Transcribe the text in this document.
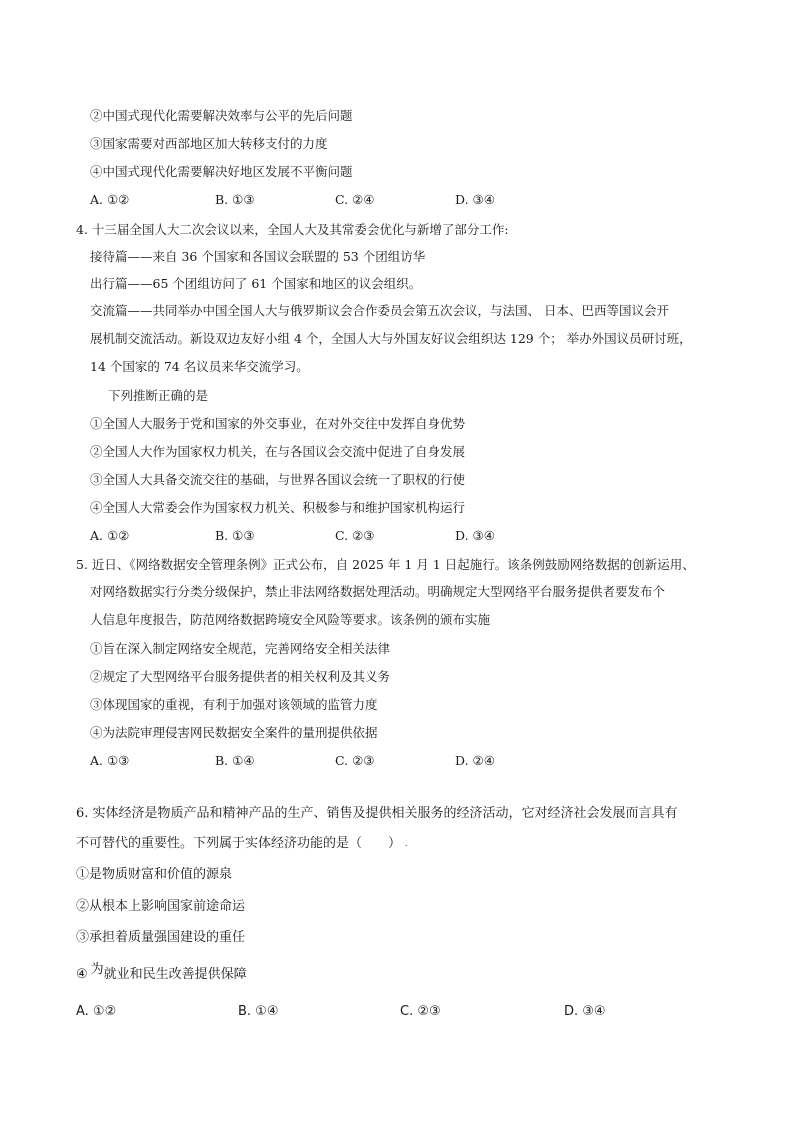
②中国式现代化需要解决效率与公平的先后问题
③国家需要对西部地区加大转移支付的力度
④中国式现代化需要解决好地区发展不平衡问题
A. ①②	B. ①③	C. ②④	D. ③④
4. 十三届全国人大二次会议以来，全国人大及其常委会优化与新增了部分工作:
接待篇——来自 36 个国家和各国议会联盟的 53 个团组访华
出行篇——65 个团组访问了 61 个国家和地区的议会组织。
交流篇——共同举办中国全国人大与俄罗斯议会合作委员会第五次会议，与法国、 日本、巴西等国议会开
展机制交流活动。新设双边友好小组 4 个，全国人大与外国友好议会组织达 129 个； 举办外国议员研讨班，
14 个国家的 74 名议员来华交流学习。
下列推断正确的是
①全国人大服务于党和国家的外交事业，在对外交往中发挥自身优势
②全国人大作为国家权力机关，在与各国议会交流中促进了自身发展
③全国人大具备交流交往的基础，与世界各国议会统一了职权的行使
④全国人大常委会作为国家权力机关、积极参与和维护国家机构运行
A. ①②	B. ①③	C. ②③	D. ③④
5. 近日、《网络数据安全管理条例》正式公布，自 2025 年 1 月 1 日起施行。该条例鼓励网络数据的创新运用、
对网络数据实行分类分级保护，禁止非法网络数据处理活动。明确规定大型网络平台服务提供者要发布个
人信息年度报告，防范网络数据跨境安全风险等要求。该条例的颁布实施
①旨在深入制定网络安全规范，完善网络安全相关法律
②规定了大型网络平台服务提供者的相关权利及其义务
③体现国家的重视，有利于加强对该领域的监管力度
④为法院审理侵害网民数据安全案件的量刑提供依据
A. ①③	B. ①④	C. ②③	D. ②④
6. 实体经济是物质产品和精神产品的生产、销售及提供相关服务的经济活动，它对经济社会发展而言具有
不可替代的重要性。下列属于实体经济功能的是（　　） .
①是物质财富和价值的源泉
②从根本上影响国家前途命运
③承担着质量强国建设的重任
④ 为就业和民生改善提供保障
A. ①②	B. ①④	C. ②③	D. ③④
